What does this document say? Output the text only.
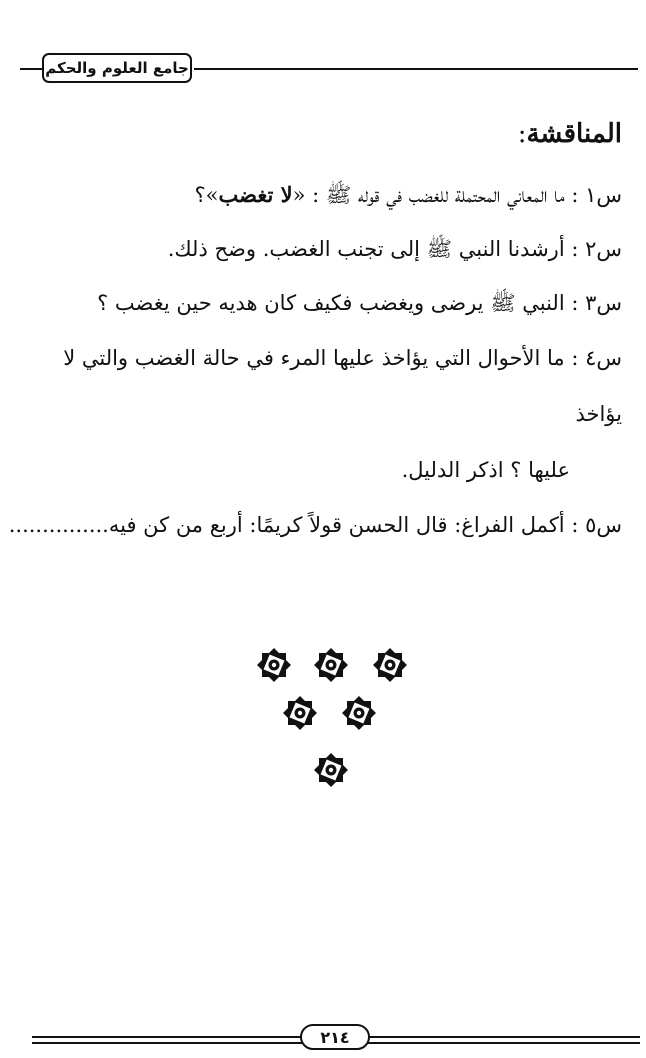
جامع العلوم والحكم
المناقشة:

س١ : ما المعاني المحتملة للغضب في قوله ﷺ : «لا تغضب»؟

س٢ : أرشدنا النبي ﷺ إلى تجنب الغضب. وضح ذلك.

س٣ : النبي ﷺ يرضى ويغضب فكيف كان هديه حين يغضب ؟

س٤ : ما الأحوال التي يؤاخذ عليها المرء في حالة الغضب والتي لا يؤاخذ
عليها ؟ اذكر الدليل.

س٥ : أكمل الفراغ: قال الحسن قولاً كريمًا: أربع من كن فيه...............

٢١٤
